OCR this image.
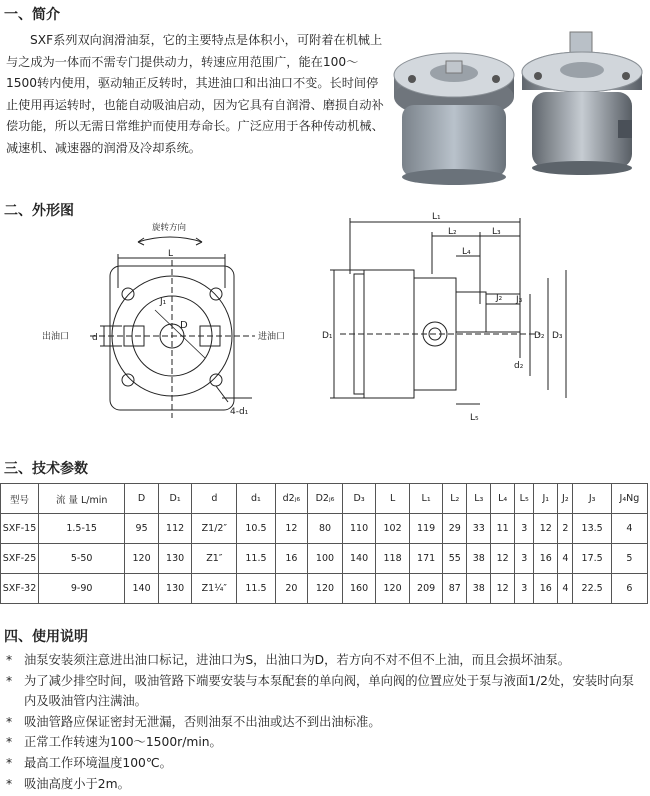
一、简介
SXF系列双向润滑油泵，它的主要特点是体积小，可附着在机械上与之成为一体而不需专门提供动力，转速应用范围广，能在100～1500转内使用，驱动轴正反转时，其进油口和出油口不变。长时间停止使用再运转时，也能自动吸油启动，因为它具有自润滑、磨损自动补偿功能，所以无需日常维护而使用寿命长。广泛应用于各种传动机械、减速机、减速器的润滑及冷却系统。
二、外形图
旋转方向
L
J₁
D
出油口	进油口
d
4-d₁
L₁
L₂	L₃
L₄
L₅
J₂ J₃
D₁	D₂ D₃
d₂
三、技术参数
型号	流 量 L/min	D	D₁	d	d₁	d2ⱼ₆	D2ⱼ₆	D₃	L	L₁	L₂	L₃	L₄	L₅	J₁	J₂	J₃	J₄Ng
SXF-15	1.5-15	95	112	Z1/2″	10.5	12	80	110	102	119	29	33	11	3	12	2	13.5	4
SXF-25	5-50	120	130	Z1″	11.5	16	100	140	118	171	55	38	12	3	16	4	17.5	5
SXF-32	9-90	140	130	Z1¼″	11.5	20	120	160	120	209	87	38	12	3	16	4	22.5	6
四、使用说明
* 油泵安装须注意进出油口标记，进油口为S，出油口为D，若方向不对不但不上油，而且会损坏油泵。
* 为了减少排空时间，吸油管路下端要安装与本泵配套的单向阀，单向阀的位置应处于泵与液面1/2处，安装时向泵内及吸油管内注满油。
* 吸油管路应保证密封无泄漏，否则油泵不出油或达不到出油标准。
* 正常工作转速为100～1500r/min。
* 最高工作环境温度100℃。
* 吸油高度小于2m。
